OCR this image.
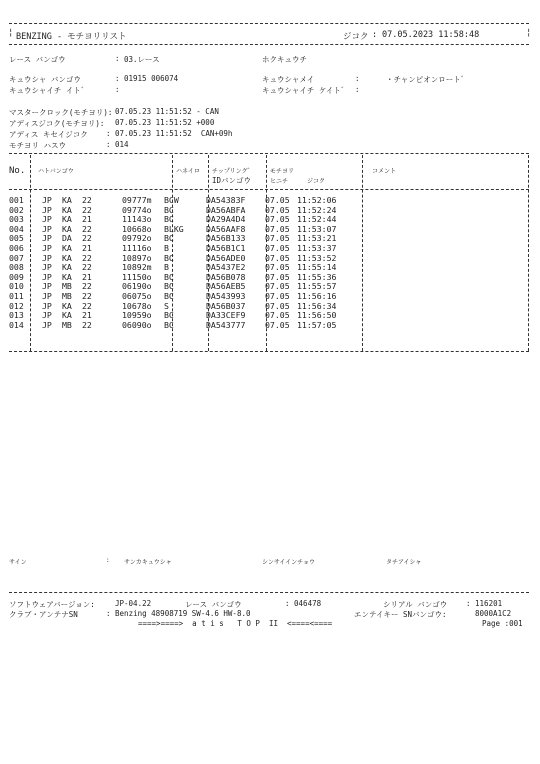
¦	¦
BENZING - モチヨリリスト	ジコク : 07.05.2023 11:58:48
レース バンゴウ	: 03.レース	ホクキュウチ
キュウシャ バンゴウ	: 01915 006074	キュウシャメイ	:	・チャンピオンロート゛
キュウシャイチ イト゛	:	キュウシャイチ ケイト゛ :
マスタークロック(モチヨリ): 07.05.23 11:51:52 - CAN
アディスジコク(モチヨリ): 07.05.23 11:51:52 +000
アディス キセイジコク : 07.05.23 11:51:52  CAN+09h
モチヨリ ハスウ	: 014
No. ハトバンゴウ	ハネイロ チップリング゛
IDバンゴウ
モチヨリ
ヒニチ	ジコク
コメント
001	JP	KA	22	09777m	BCW	DA54383F	07.05	11:52:06
002	JP	KA	22	09774o	BC	DA56ABFA	07.05	11:52:24
003	JP	KA	21	11143o	BC	DA29A4D4	07.05	11:52:44
004	JP	KA	22	10668o	BLKG	DA56AAF8	07.05	11:53:07
005	JP	DA	22	09792o	BC	DA56B133	07.05	11:53:21
006	JP	KA	21	11116o	B	DA56B1C1	07.05	11:53:37
007	JP	KA	22	10897o	BC	DA56ADE0	07.05	11:53:52
008	JP	KA	22	10892m	B	DA5437E2	07.05	11:55:14
009	JP	KA	21	11150o	BC	DA56B078	07.05	11:55:36
010	JP	MB	22	06190o	BC	DA56AEB5	07.05	11:55:57
011	JP	MB	22	06075o	BC	DA543993	07.05	11:56:16
012	JP	KA	22	10678o	S	DA56B037	07.05	11:56:34
013	JP	KA	21	10959o	BC	DA33CEF9	07.05	11:56:50
014	JP	MB	22	06090o	BC	DA543777	07.05	11:57:05
サイン	: サンカキュウシャ	シンサイインチョウ	タチアイシャ
ソフトウェアバージョン:	JP-04.22	レース バンゴウ	: 046478	シリアル バンゴウ	: 116201
クラブ・アンテナSN	: Benzing 48908719 SW-4.6 HW-8.0	エンテイキー SNバンゴウ:	8000A1C2
====>====>  a t i s   T O P  II  <====<====	Page :001
